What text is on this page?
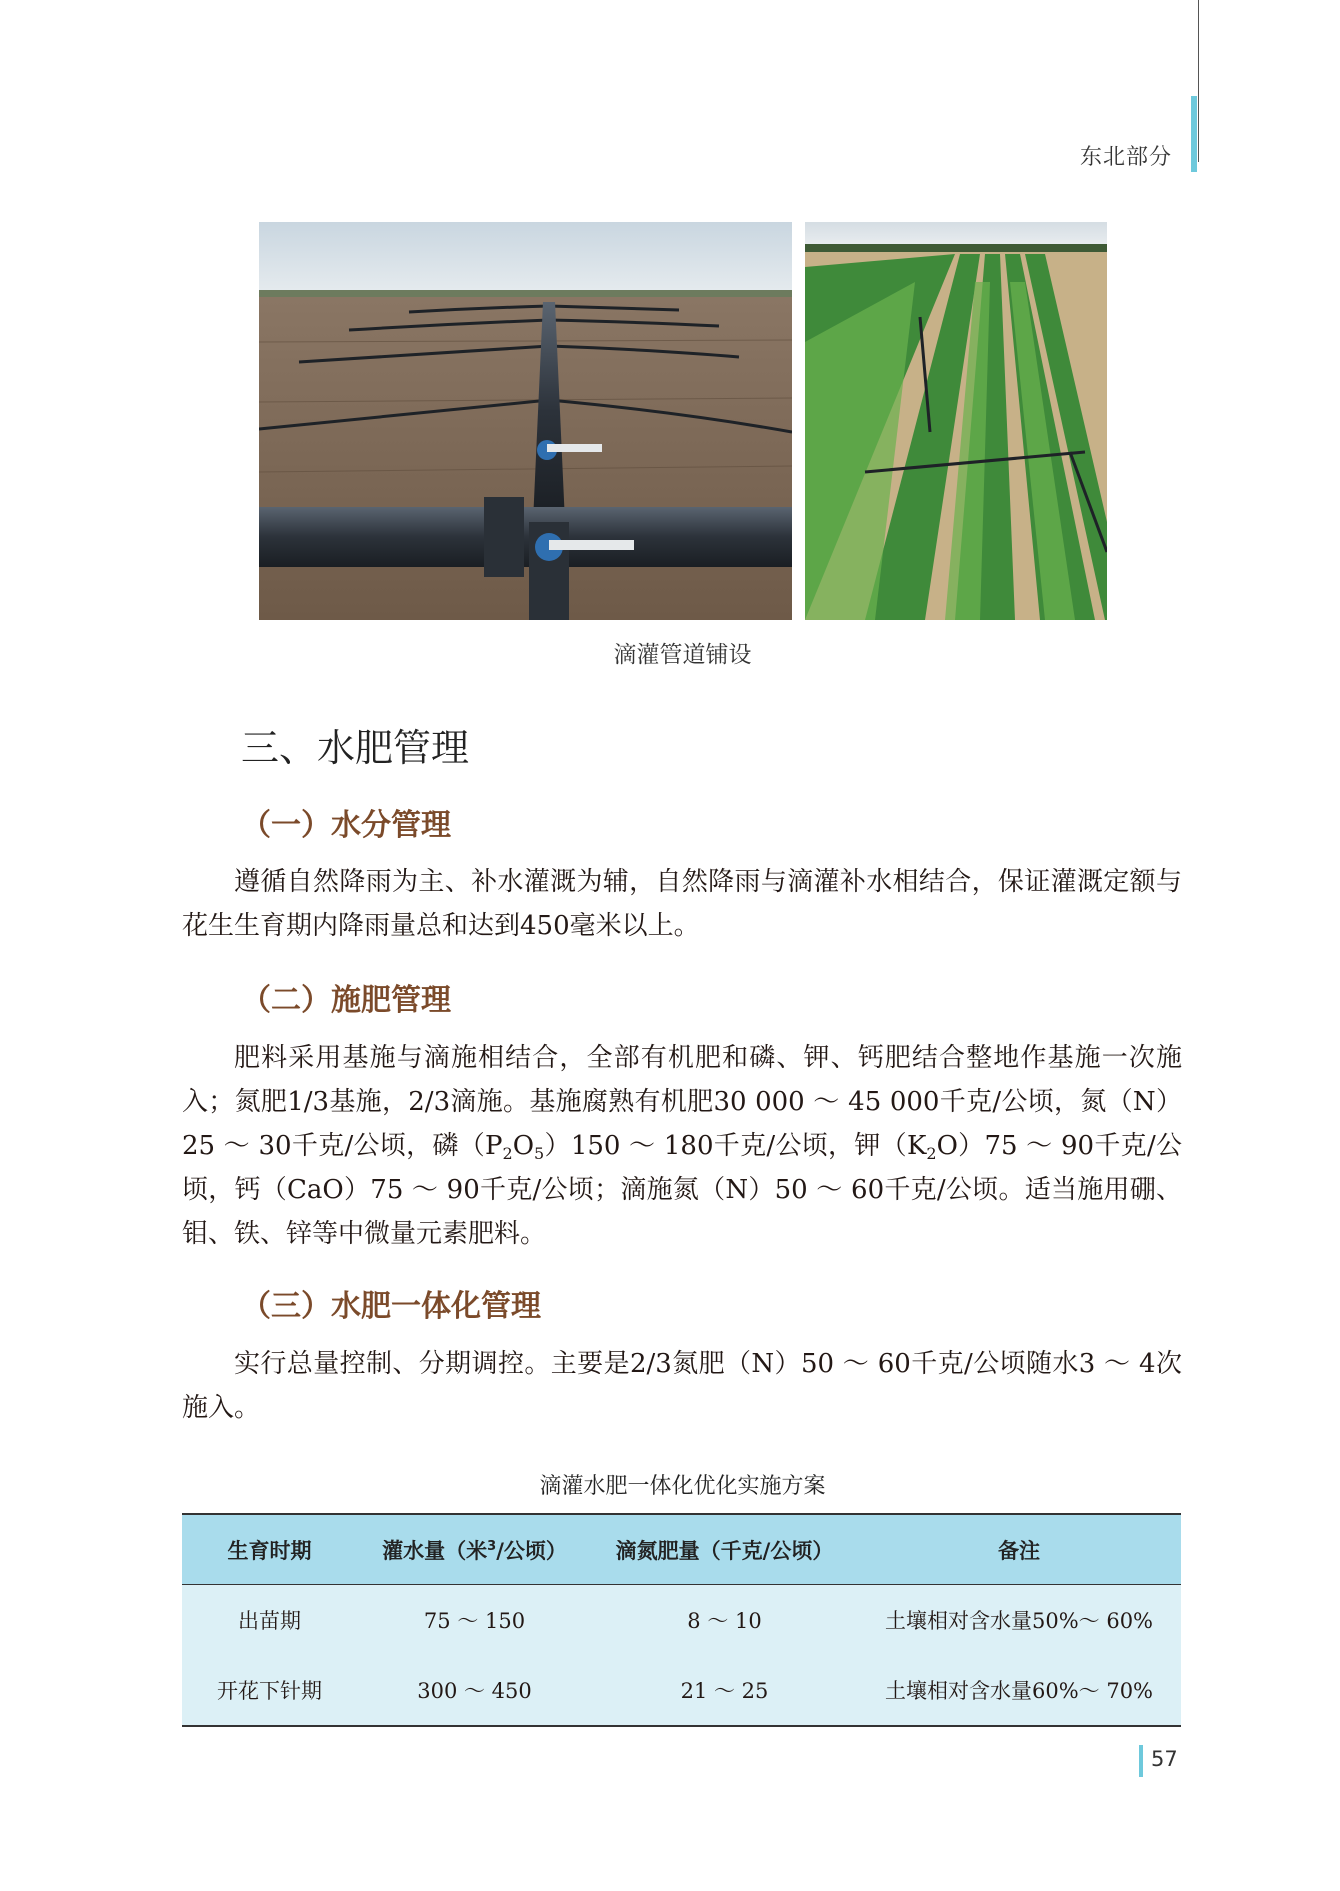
东北部分
滴灌管道铺设
三、水肥管理
（一）水分管理

遵循自然降雨为主、补水灌溉为辅，自然降雨与滴灌补水相结合，保证灌溉定额与花生生育期内降雨量总和达到450毫米以上。

（二）施肥管理

肥料采用基施与滴施相结合，全部有机肥和磷、钾、钙肥结合整地作基施一次施入；氮肥1/3基施，2/3滴施。基施腐熟有机肥30 000 ～ 45 000千克/公顷，氮（N）25 ～ 30千克/公顷，磷$(P_2O_5)150$ ～ 180千克/公顷，钾$(K_2O)75$ ～ 90千克/公顷，钙（CaO）75 ～ 90千克/公顷；滴施氮（N）50 ～ 60千克/公顷。适当施用硼、钼、铁、锌等中微量元素肥料。

（三）水肥一体化管理

实行总量控制、分期调控。主要是2/3氮肥（N）50 ～ 60千克/公顷随水3 ～ 4次施入。

滴灌水肥一体化优化实施方案
生育时期	灌水量（米$^3$/公顷）	滴氮肥量（千克/公顷）	备注
出苗期	75 ～ 150	8 ～ 10	土壤相对含水量50%～ 60%
开花下针期	300 ～ 450	21 ～ 25	土壤相对含水量60%～ 70%
57
